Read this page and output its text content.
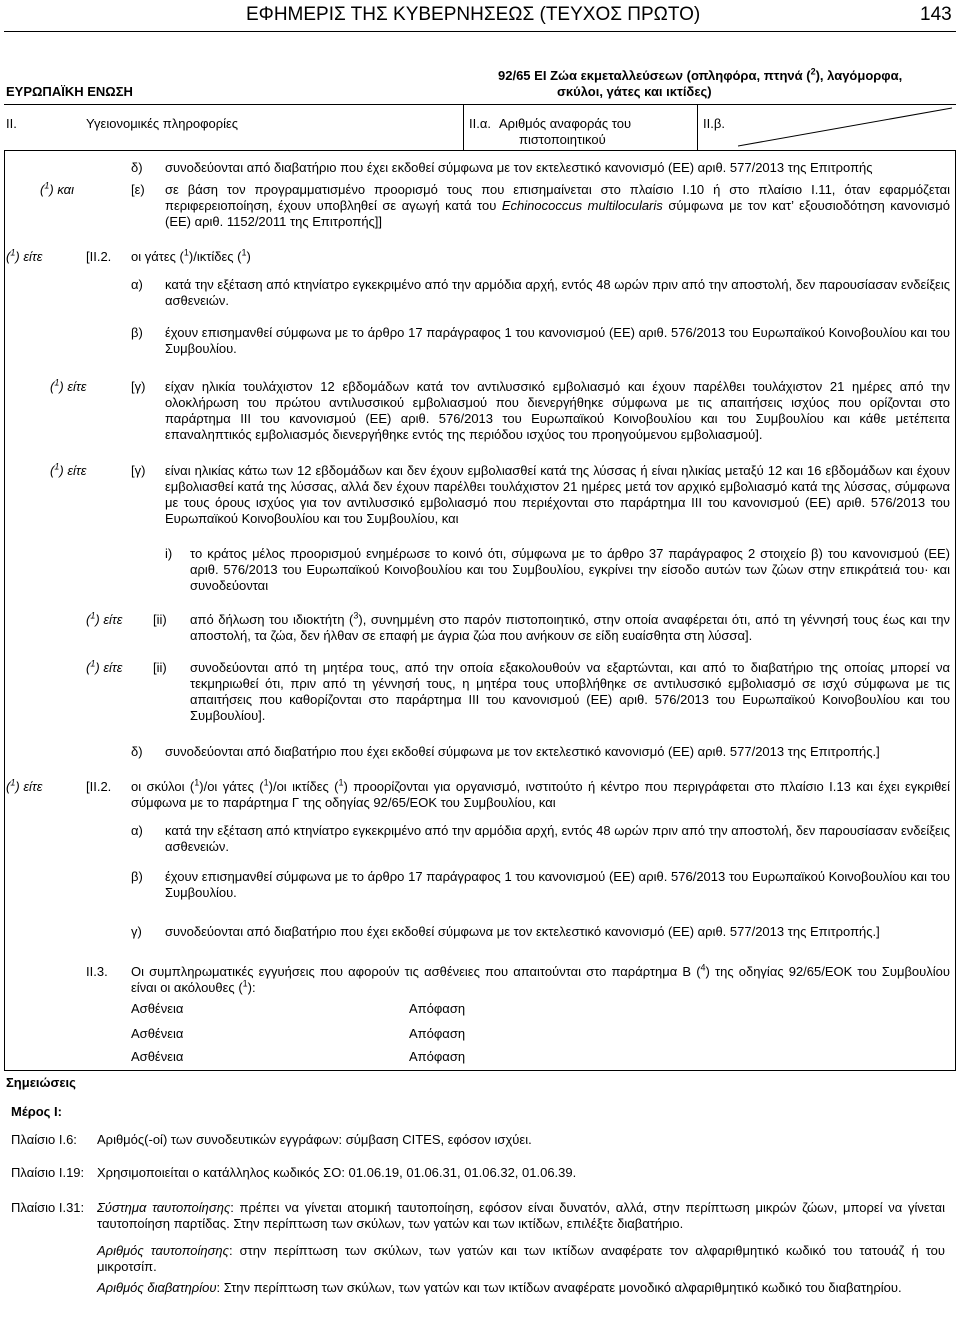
ΕΦΗΜΕΡΙΣ ΤΗΣ ΚΥΒΕΡΝΗΣΕΩΣ (ΤΕΥΧΟΣ ΠΡΩΤΟ)	143
ΕΥΡΩΠΑΪΚΗ ΕΝΩΣΗ
92/65 EI Ζώα εκμεταλλεύσεων (οπληφόρα, πτηνά ($^2$), λαγόμορφα,
σκύλοι, γάτες και ικτίδες)
II.	Υγειονομικές πληροφορίες	II.α. Αριθμός αναφοράς του
πιστοποιητικού
II.β.
δ) συνοδεύονται από διαβατήριο που έχει εκδοθεί σύμφωνα με τον εκτελεστικό κανονισμό (ΕΕ) αριθ. 577/2013 της Επιτροπής
($^1$) και	[ε) σε βάση τον προγραμματισμένο προορισμό τους που επισημαίνεται στο πλαίσιο I.10 ή στο πλαίσιο I.11, όταν εφαρμόζεται περιφερειοποίηση, έχουν υποβληθεί σε αγωγή κατά του Echinococcus multilocularis σύμφωνα με τον κατ’ εξουσιοδότηση κανονισμό (ΕΕ) αριθ. 1152/2011 της Επιτροπής]]
($^1$) είτε	[II.2. οι γάτες ($^1$)/ικτίδες ($^1$)
α) κατά την εξέταση από κτηνίατρο εγκεκριμένο από την αρμόδια αρχή, εντός 48 ωρών πριν από την αποστολή, δεν παρουσίασαν ενδείξεις ασθενειών.
β) έχουν επισημανθεί σύμφωνα με το άρθρο 17 παράγραφος 1 του κανονισμού (ΕΕ) αριθ. 576/2013 του Ευρωπαϊκού Κοινοβουλίου και του Συμβουλίου.
($^1$) είτε	[γ) είχαν ηλικία τουλάχιστον 12 εβδομάδων κατά τον αντιλυσσικό εμβολιασμό και έχουν παρέλθει τουλάχιστον 21 ημέρες από την ολοκλήρωση του πρώτου αντιλυσσικού εμβολιασμού που διενεργήθηκε σύμφωνα με τις απαιτήσεις ισχύος που ορίζονται στο παράρτημα III του κανονισμού (ΕΕ) αριθ. 576/2013 του Ευρωπαϊκού Κοινοβουλίου και του Συμβουλίου και κάθε μετέπειτα επαναληπτικός εμβολιασμός διενεργήθηκε εντός της περιόδου ισχύος του προηγούμενου εμβολιασμού].
($^1$) είτε	[γ) είναι ηλικίας κάτω των 12 εβδομάδων και δεν έχουν εμβολιασθεί κατά της λύσσας ή είναι ηλικίας μεταξύ 12 και 16 εβδομάδων και έχουν εμβολιασθεί κατά της λύσσας, αλλά δεν έχουν παρέλθει τουλάχιστον 21 ημέρες μετά τον αρχικό εμβολιασμό κατά της λύσσας, σύμφωνα με τους όρους ισχύος για τον αντιλυσσικό εμβολιασμό που περιέχονται στο παράρτημα III του κανονισμού (ΕΕ) αριθ. 576/2013 του Ευρωπαϊκού Κοινοβουλίου και του Συμβουλίου, και
i) το κράτος μέλος προορισμού ενημέρωσε το κοινό ότι, σύμφωνα με το άρθρο 37 παράγραφος 2 στοιχείο β) του κανονισμού (ΕΕ) αριθ. 576/2013 του Ευρωπαϊκού Κοινοβουλίου και του Συμβουλίου, εγκρίνει την είσοδο αυτών των ζώων στην επικράτειά του· και συνοδεύονται
($^1$) είτε [ii) από δήλωση του ιδιοκτήτη ($^3$), συνημμένη στο παρόν πιστοποιητικό, στην οποία αναφέρεται ότι, από τη γέννησή τους έως και την αποστολή, τα ζώα, δεν ήλθαν σε επαφή με άγρια ζώα που ανήκουν σε είδη ευαίσθητα στη λύσσα].
($^1$) είτε [ii) συνοδεύονται από τη μητέρα τους, από την οποία εξακολουθούν να εξαρτώνται, και από το διαβατήριο της οποίας μπορεί να τεκμηριωθεί ότι, πριν από τη γέννησή τους, η μητέρα τους υποβλήθηκε σε αντιλυσσικό εμβολιασμό σε ισχύ σύμφωνα με τις απαιτήσεις που καθορίζονται στο παράρτημα III του κανονισμού (ΕΕ) αριθ. 576/2013 του Ευρωπαϊκού Κοινοβουλίου και του Συμβουλίου].
δ) συνοδεύονται από διαβατήριο που έχει εκδοθεί σύμφωνα με τον εκτελεστικό κανονισμό (ΕΕ) αριθ. 577/2013 της Επιτροπής.]
($^1$) είτε	[II.2. οι σκύλοι ($^1$)/οι γάτες ($^1$)/οι ικτίδες ($^1$) προορίζονται για οργανισμό, ινστιτούτο ή κέντρο που περιγράφεται στο πλαίσιο I.13 και έχει εγκριθεί σύμφωνα με το παράρτημα Γ της οδηγίας 92/65/ΕΟΚ του Συμβουλίου, και
α) κατά την εξέταση από κτηνίατρο εγκεκριμένο από την αρμόδια αρχή, εντός 48 ωρών πριν από την αποστολή, δεν παρουσίασαν ενδείξεις ασθενειών.
β) έχουν επισημανθεί σύμφωνα με το άρθρο 17 παράγραφος 1 του κανονισμού (ΕΕ) αριθ. 576/2013 του Ευρωπαϊκού Κοινοβουλίου και του Συμβουλίου.
γ) συνοδεύονται από διαβατήριο που έχει εκδοθεί σύμφωνα με τον εκτελεστικό κανονισμό (ΕΕ) αριθ. 577/2013 της Επιτροπής.]
II.3. Οι συμπληρωματικές εγγυήσεις που αφορούν τις ασθένειες που απαιτούνται στο παράρτημα Β ($^4$) της οδηγίας 92/65/ΕΟΚ του Συμβουλίου είναι οι ακόλουθες ($^1$):
Ασθένεια	Απόφαση
Ασθένεια	Απόφαση
Ασθένεια	Απόφαση
Σημειώσεις
Μέρος I:
Πλαίσιο I.6: Αριθμός(-οί) των συνοδευτικών εγγράφων: σύμβαση CITES, εφόσον ισχύει.
Πλαίσιο I.19: Χρησιμοποιείται ο κατάλληλος κωδικός ΣΟ: 01.06.19, 01.06.31, 01.06.32, 01.06.39.
Πλαίσιο I.31: Σύστημα ταυτοποίησης: πρέπει να γίνεται ατομική ταυτοποίηση, εφόσον είναι δυνατόν, αλλά, στην περίπτωση μικρών ζώων, μπορεί να γίνεται ταυτοποίηση παρτίδας. Στην περίπτωση των σκύλων, των γατών και των ικτίδων, επιλέξτε διαβατήριο.
Αριθμός ταυτοποίησης: στην περίπτωση των σκύλων, των γατών και των ικτίδων αναφέρατε τον αλφαριθμητικό κωδικό του τατουάζ ή του μικροτσίπ.
Αριθμός διαβατηρίου: Στην περίπτωση των σκύλων, των γατών και των ικτίδων αναφέρατε μονοδικό αλφαριθμητικό κωδικό του διαβατηρίου.
